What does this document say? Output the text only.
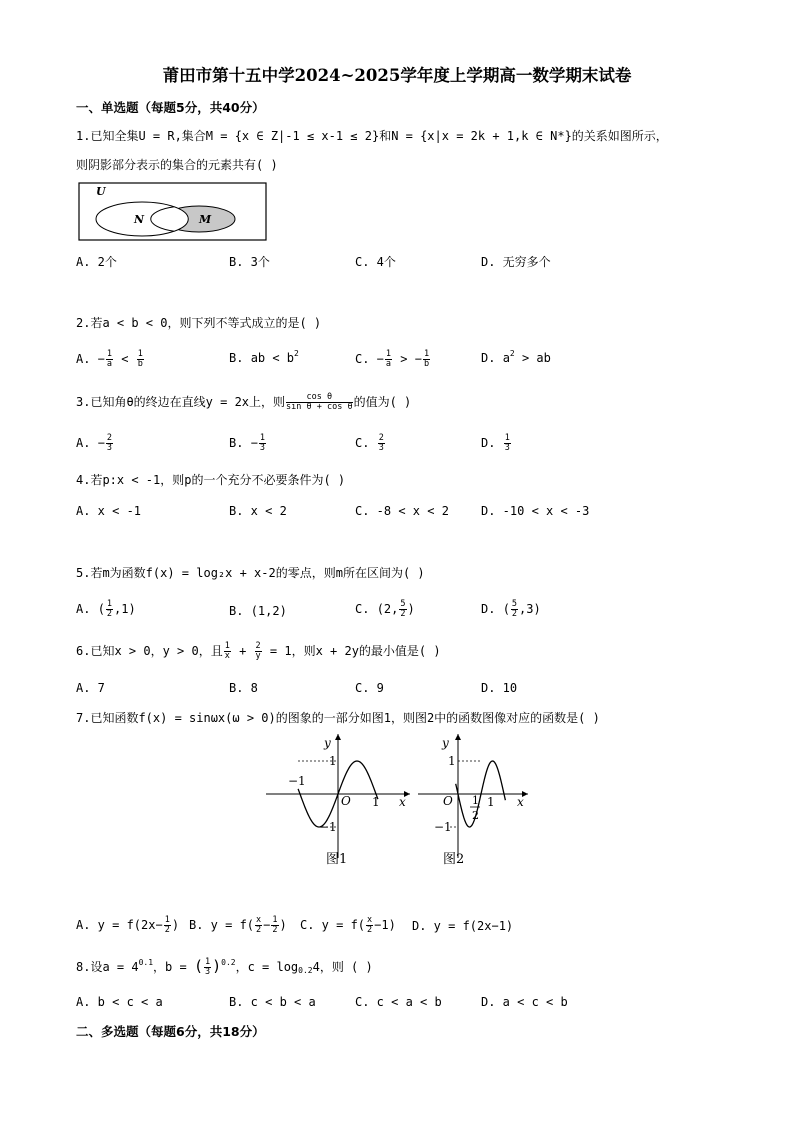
莆田市第十五中学2024~2025学年度上学期高一数学期末试卷
一、单选题（每题5分，共40分）
1.已知全集U = R,集合M = {x ∈ Z|-1 ≤ x-1 ≤ 2}和N = {x|x = 2k + 1,k ∈ N*}的关系如图所示，
则阴影部分表示的集合的元素共有( )
U
N	M
A. 2个	B. 3个	C. 4个	D. 无穷多个
2.若a < b < 0，则下列不等式成立的是( )
A. − $\frac{1}{a} < \frac{1}{b}$	B. ab < $b^2$	C. − $\frac{1}{a}$ > − $\frac{1}{b}$	D. $a^2$ > ab
3.已知角θ的终边在直线y = 2x上，则 $\frac{\text{cos θ}}{\text{sin θ + cos θ}}$ 的值为( )
A. − $\frac{2}{3}$	B. − $\frac{1}{3}$	C. $\frac{2}{3}$	D. $\frac{1}{3}$
4.若p:x < -1，则p的一个充分不必要条件为( )
A. x < -1	B. x < 2	C. -8 < x < 2	D. -10 < x < -3
5.若m为函数f(x) = log₂x + x-2的零点，则m所在区间为( )
A. ( $\frac{1}{2} ,1$)	B. (1,2)	C. (2, $\frac{5}{2}$ )	D. ( $\frac{5}{2} ,3$)
6.已知x > 0，y > 0，且 $\frac{1}{x} + \frac{2}{y} = 1$，则x + 2y的最小值是( )
A. 7	B. 8	C. 9	D. 10
7.已知函数f(x) = sinωx(ω > 0)的图象的一部分如图1，则图2中的函数图像对应的函数是( )
−1
y
1
O 1 x
−1
图1
y
1
O 1
2
1 x
−1
图2
A. $y = f(2x- \frac{1}{2}$ ) B. $y = f( \frac{x}{2} - \frac{1}{2}$ ) C. $y = f( \frac{x}{2} -1)$ D. y = f(2x−1)
8.设$a = 4^{0.1}$，b = ( $\frac{1}{3} )^{0.2}$，$c = \log_{0.2}4$，则 ( )
A. b < c < a	B. c < b < a	C. c < a < b	D. a < c < b
二、多选题（每题6分，共18分）
